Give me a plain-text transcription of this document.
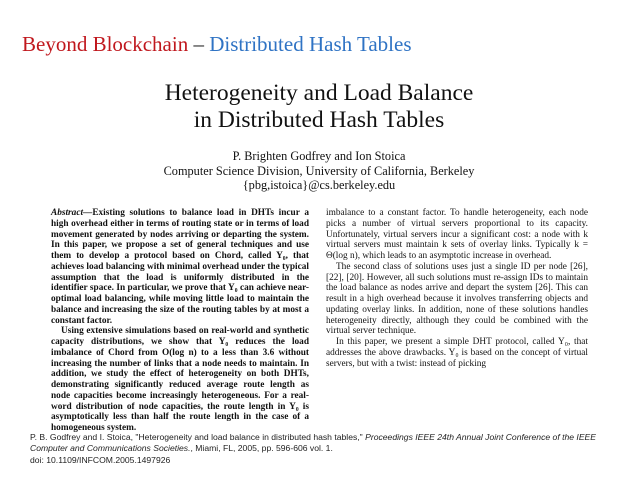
Beyond Blockchain – Distributed Hash Tables
Heterogeneity and Load Balance
in Distributed Hash Tables
P. Brighten Godfrey and Ion Stoica
Computer Science Division, University of California, Berkeley
{pbg,istoica}@cs.berkeley.edu

Abstract—Existing solutions to balance load in DHTs incur a high overhead either in terms of routing state or in terms of load movement generated by nodes arriving or departing the system. In this paper, we propose a set of general techniques and use them to develop a protocol based on Chord, called Y₀, that achieves load balancing with minimal overhead under the typical assumption that the load is uniformly distributed in the identifier space. In particular, we prove that Y₀ can achieve near-optimal load balancing, while moving little load to maintain the balance and increasing the size of the routing tables by at most a constant factor.

Using extensive simulations based on real-world and synthetic capacity distributions, we show that Y₀ reduces the load imbalance of Chord from O(log n) to a less than 3.6 without increasing the number of links that a node needs to maintain. In addition, we study the effect of heterogeneity on both DHTs, demonstrating significantly reduced average route length as node capacities become increasingly heterogeneous. For a real-word distribution of node capacities, the route length in Y₀ is asymptotically less than half the route length in the case of a homogeneous system.

imbalance to a constant factor. To handle heterogeneity, each node picks a number of virtual servers proportional to its capacity. Unfortunately, virtual servers incur a significant cost: a node with k virtual servers must maintain k sets of overlay links. Typically k = Θ(log n), which leads to an asymptotic increase in overhead.

The second class of solutions uses just a single ID per node [26], [22], [20]. However, all such solutions must re-assign IDs to maintain the load balance as nodes arrive and depart the system [26]. This can result in a high overhead because it involves transferring objects and updating overlay links. In addition, none of these solutions handles heterogeneity directly, although they could be combined with the virtual server technique.

In this paper, we present a simple DHT protocol, called Y₀, that addresses the above drawbacks. Y₀ is based on the concept of virtual servers, but with a twist: instead of picking

P. B. Godfrey and I. Stoica, "Heterogeneity and load balance in distributed hash tables," Proceedings IEEE 24th Annual Joint Conference of the IEEE Computer and Communications Societies., Miami, FL, 2005, pp. 596-606 vol. 1.
doi: 10.1109/INFCOM.2005.1497926
